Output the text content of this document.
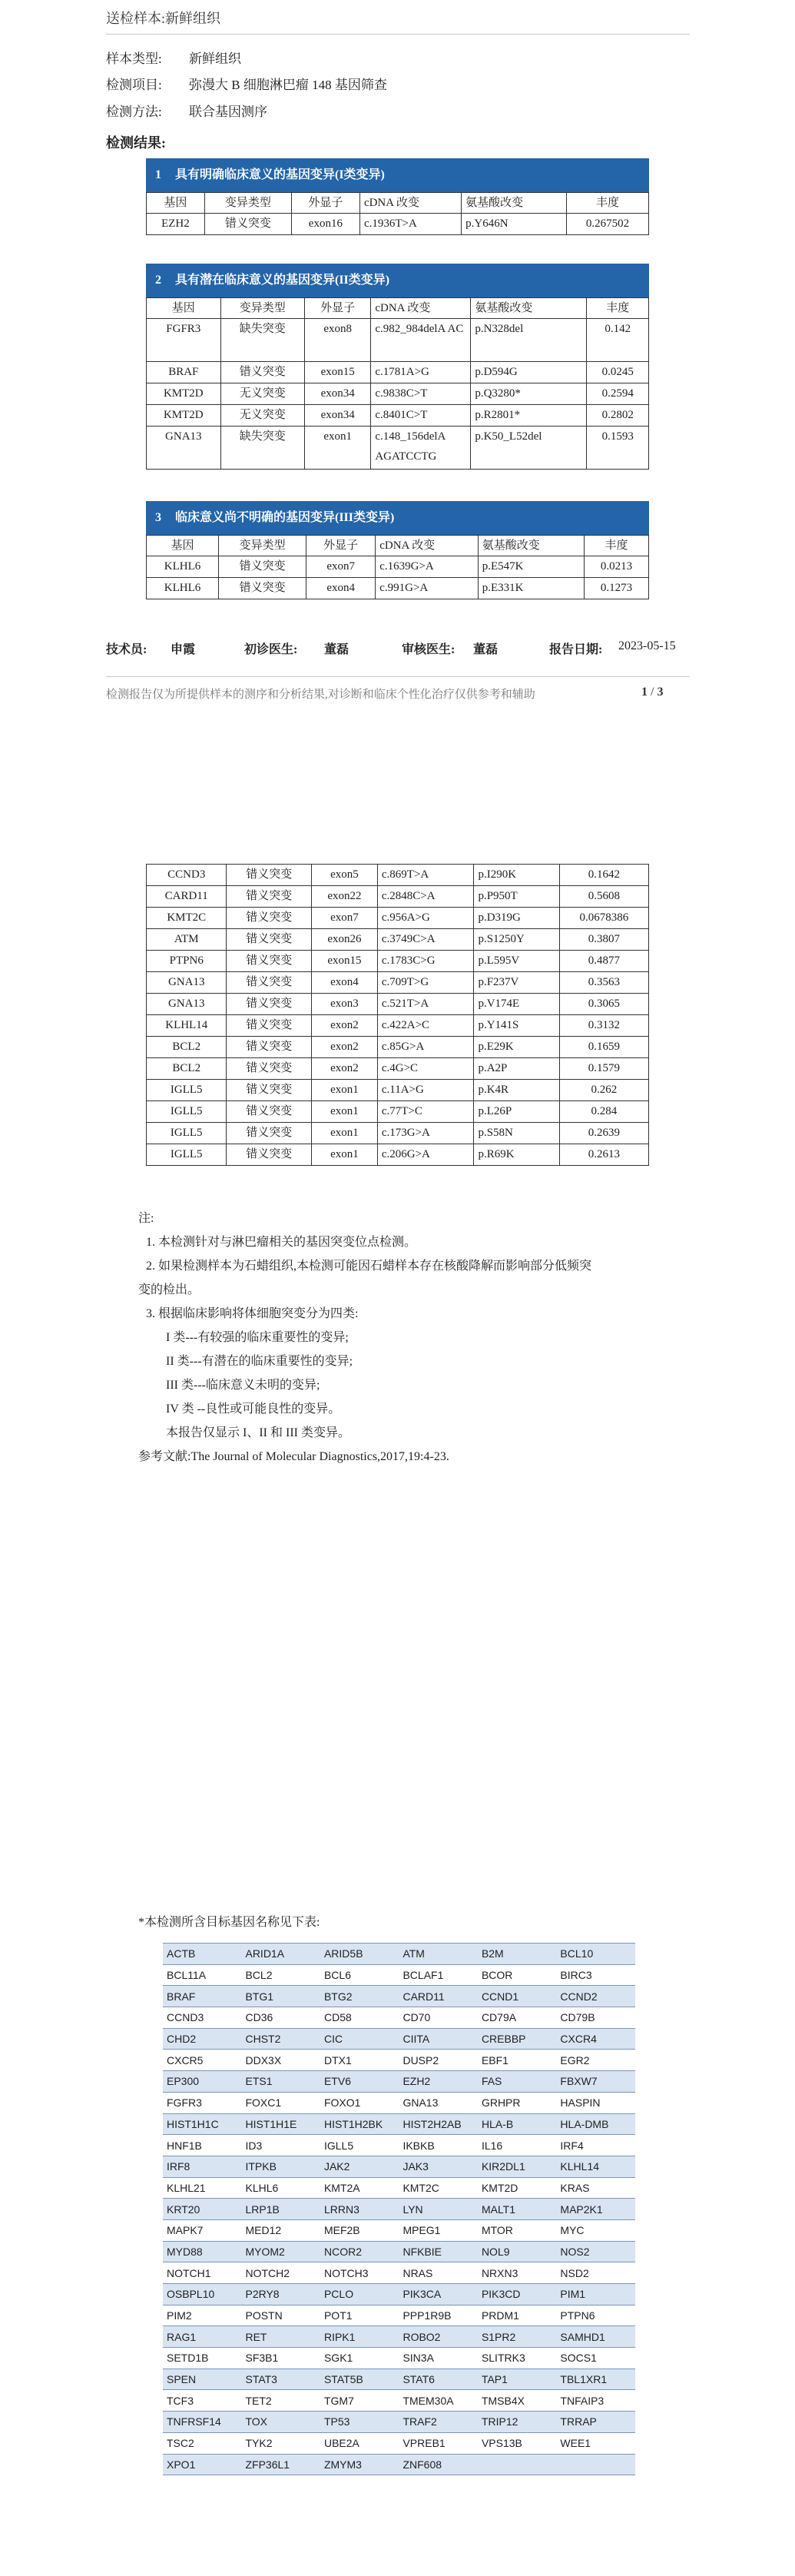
送检样本:新鲜组织
样本类型: 新鲜组织
检测项目: 弥漫大 B 细胞淋巴瘤 148 基因筛查
检测方法: 联合基因测序
检测结果:
1 具有明确临床意义的基因变异(I类变异)
基因	变异类型	外显子	cDNA 改变	氨基酸改变	丰度
EZH2	错义突变	exon16	c.1936T>A	p.Y646N	0.267502
2 具有潜在临床意义的基因变异(II类变异)
基因	变异类型	外显子	cDNA 改变	氨基酸改变	丰度
FGFR3	缺失突变	exon8	c.982_984delA AC	p.N328del	0.142
BRAF	错义突变	exon15	c.1781A>G	p.D594G	0.0245
KMT2D	无义突变	exon34	c.9838C>T	p.Q3280*	0.2594
KMT2D	无义突变	exon34	c.8401C>T	p.R2801*	0.2802
GNA13	缺失突变	exon1	c.148_156delA AGATCCTG	p.K50_L52del	0.1593
3 临床意义尚不明确的基因变异(III类变异)
基因	变异类型	外显子	cDNA 改变	氨基酸改变	丰度
KLHL6	错义突变	exon7	c.1639G>A	p.E547K	0.0213
KLHL6	错义突变	exon4	c.991G>A	p.E331K	0.1273
技术员: 申霞	初诊医生: 董磊	审核医生: 董磊	报告日期: 2023-05-15
检测报告仅为所提供样本的测序和分析结果,对诊断和临床个性化治疗仅供参考和辅助	1 / 3
CCND3	错义突变	exon5	c.869T>A	p.I290K	0.1642
CARD11	错义突变	exon22	c.2848C>A	p.P950T	0.5608
KMT2C	错义突变	exon7	c.956A>G	p.D319G	0.0678386
ATM	错义突变	exon26	c.3749C>A	p.S1250Y	0.3807
PTPN6	错义突变	exon15	c.1783C>G	p.L595V	0.4877
GNA13	错义突变	exon4	c.709T>G	p.F237V	0.3563
GNA13	错义突变	exon3	c.521T>A	p.V174E	0.3065
KLHL14	错义突变	exon2	c.422A>C	p.Y141S	0.3132
BCL2	错义突变	exon2	c.85G>A	p.E29K	0.1659
BCL2	错义突变	exon2	c.4G>C	p.A2P	0.1579
IGLL5	错义突变	exon1	c.11A>G	p.K4R	0.262
IGLL5	错义突变	exon1	c.77T>C	p.L26P	0.284
IGLL5	错义突变	exon1	c.173G>A	p.S58N	0.2639
IGLL5	错义突变	exon1	c.206G>A	p.R69K	0.2613
注:
1. 本检测针对与淋巴瘤相关的基因突变位点检测。
2. 如果检测样本为石蜡组织,本检测可能因石蜡样本存在核酸降解而影响部分低频突
变的检出。
3. 根据临床影响将体细胞突变分为四类:
I 类---有较强的临床重要性的变异;
II 类---有潜在的临床重要性的变异;
III 类---临床意义未明的变异;
IV 类 --良性或可能良性的变异。
本报告仅显示 I、II 和 III 类变异。
参考文献:The Journal of Molecular Diagnostics,2017,19:4-23.
*本检测所含目标基因名称见下表:
ACTB	ARID1A	ARID5B	ATM	B2M	BCL10
BCL11A	BCL2	BCL6	BCLAF1	BCOR	BIRC3
BRAF	BTG1	BTG2	CARD11	CCND1	CCND2
CCND3	CD36	CD58	CD70	CD79A	CD79B
CHD2	CHST2	CIC	CIITA	CREBBP	CXCR4
CXCR5	DDX3X	DTX1	DUSP2	EBF1	EGR2
EP300	ETS1	ETV6	EZH2	FAS	FBXW7
FGFR3	FOXC1	FOXO1	GNA13	GRHPR	HASPIN
HIST1H1C	HIST1H1E	HIST1H2BK	HIST2H2AB	HLA-B	HLA-DMB
HNF1B	ID3	IGLL5	IKBKB	IL16	IRF4
IRF8	ITPKB	JAK2	JAK3	KIR2DL1	KLHL14
KLHL21	KLHL6	KMT2A	KMT2C	KMT2D	KRAS
KRT20	LRP1B	LRRN3	LYN	MALT1	MAP2K1
MAPK7	MED12	MEF2B	MPEG1	MTOR	MYC
MYD88	MYOM2	NCOR2	NFKBIE	NOL9	NOS2
NOTCH1	NOTCH2	NOTCH3	NRAS	NRXN3	NSD2
OSBPL10	P2RY8	PCLO	PIK3CA	PIK3CD	PIM1
PIM2	POSTN	POT1	PPP1R9B	PRDM1	PTPN6
RAG1	RET	RIPK1	ROBO2	S1PR2	SAMHD1
SETD1B	SF3B1	SGK1	SIN3A	SLITRK3	SOCS1
SPEN	STAT3	STAT5B	STAT6	TAP1	TBL1XR1
TCF3	TET2	TGM7	TMEM30A	TMSB4X	TNFAIP3
TNFRSF14	TOX	TP53	TRAF2	TRIP12	TRRAP
TSC2	TYK2	UBE2A	VPREB1	VPS13B	WEE1
XPO1	ZFP36L1	ZMYM3	ZNF608		
